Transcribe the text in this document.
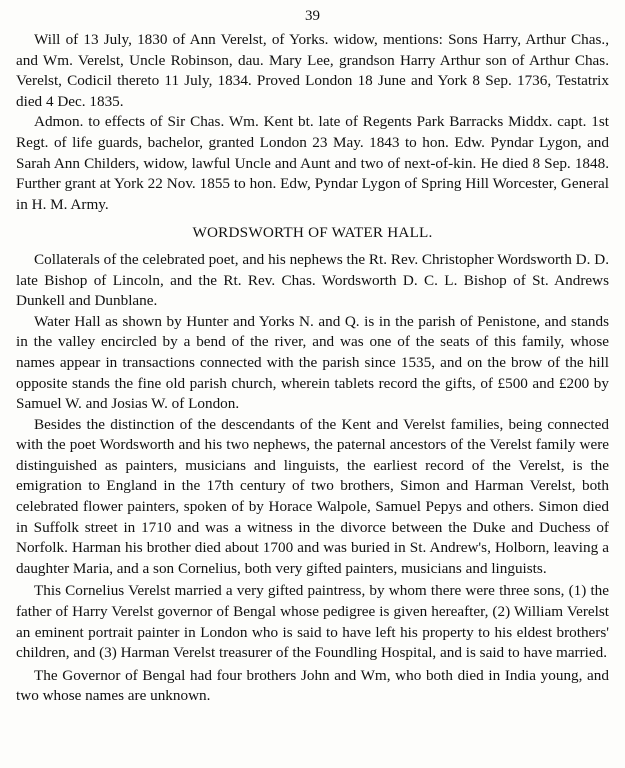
39

Will of 13 July, 1830 of Ann Verelst, of Yorks. widow, mentions: Sons Harry, Arthur Chas., and Wm. Verelst, Uncle Robinson, dau. Mary Lee, grandson Harry Arthur son of Arthur Chas. Verelst, Codicil thereto 11 July, 1834. Proved London 18 June and York 8 Sep. 1736, Testatrix died 4 Dec. 1835.

Admon. to effects of Sir Chas. Wm. Kent bt. late of Regents Park Barracks Middx. capt. 1st Regt. of life guards, bachelor, granted London 23 May. 1843 to hon. Edw. Pyndar Lygon, and Sarah Ann Childers, widow, lawful Uncle and Aunt and two of next-of-kin. He died 8 Sep. 1848. Further grant at York 22 Nov. 1855 to hon. Edw, Pyndar Lygon of Spring Hill Worcester, General in H. M. Army.

WORDSWORTH OF WATER HALL.

Collaterals of the celebrated poet, and his nephews the Rt. Rev. Christopher Wordsworth D. D. late Bishop of Lincoln, and the Rt. Rev. Chas. Wordsworth D. C. L. Bishop of St. Andrews Dunkell and Dunblane.

Water Hall as shown by Hunter and Yorks N. and Q. is in the parish of Penistone, and stands in the valley encircled by a bend of the river, and was one of the seats of this family, whose names appear in transactions connected with the parish since 1535, and on the brow of the hill opposite stands the fine old parish church, wherein tablets record the gifts, of £500 and £200 by Samuel W. and Josias W. of London.

Besides the distinction of the descendants of the Kent and Verelst families, being connected with the poet Wordsworth and his two nephews, the paternal ancestors of the Verelst family were distinguished as painters, musicians and linguists, the earliest record of the Verelst, is the emigration to England in the 17th century of two brothers, Simon and Harman Verelst, both celebrated flower painters, spoken of by Horace Walpole, Samuel Pepys and others. Simon died in Suffolk street in 1710 and was a witness in the divorce between the Duke and Duchess of Norfolk. Harman his brother died about 1700 and was buried in St. Andrew's, Holborn, leaving a daughter Maria, and a son Cornelius, both very gifted painters, musicians and linguists.

This Cornelius Verelst married a very gifted paintress, by whom there were three sons, (1) the father of Harry Verelst governor of Bengal whose pedigree is given hereafter, (2) William Verelst an eminent portrait painter in London who is said to have left his property to his eldest brothers' children, and (3) Harman Verelst treasurer of the Foundling Hospital, and is said to have married.

The Governor of Bengal had four brothers John and Wm, who both died in India young, and two whose names are unknown.
